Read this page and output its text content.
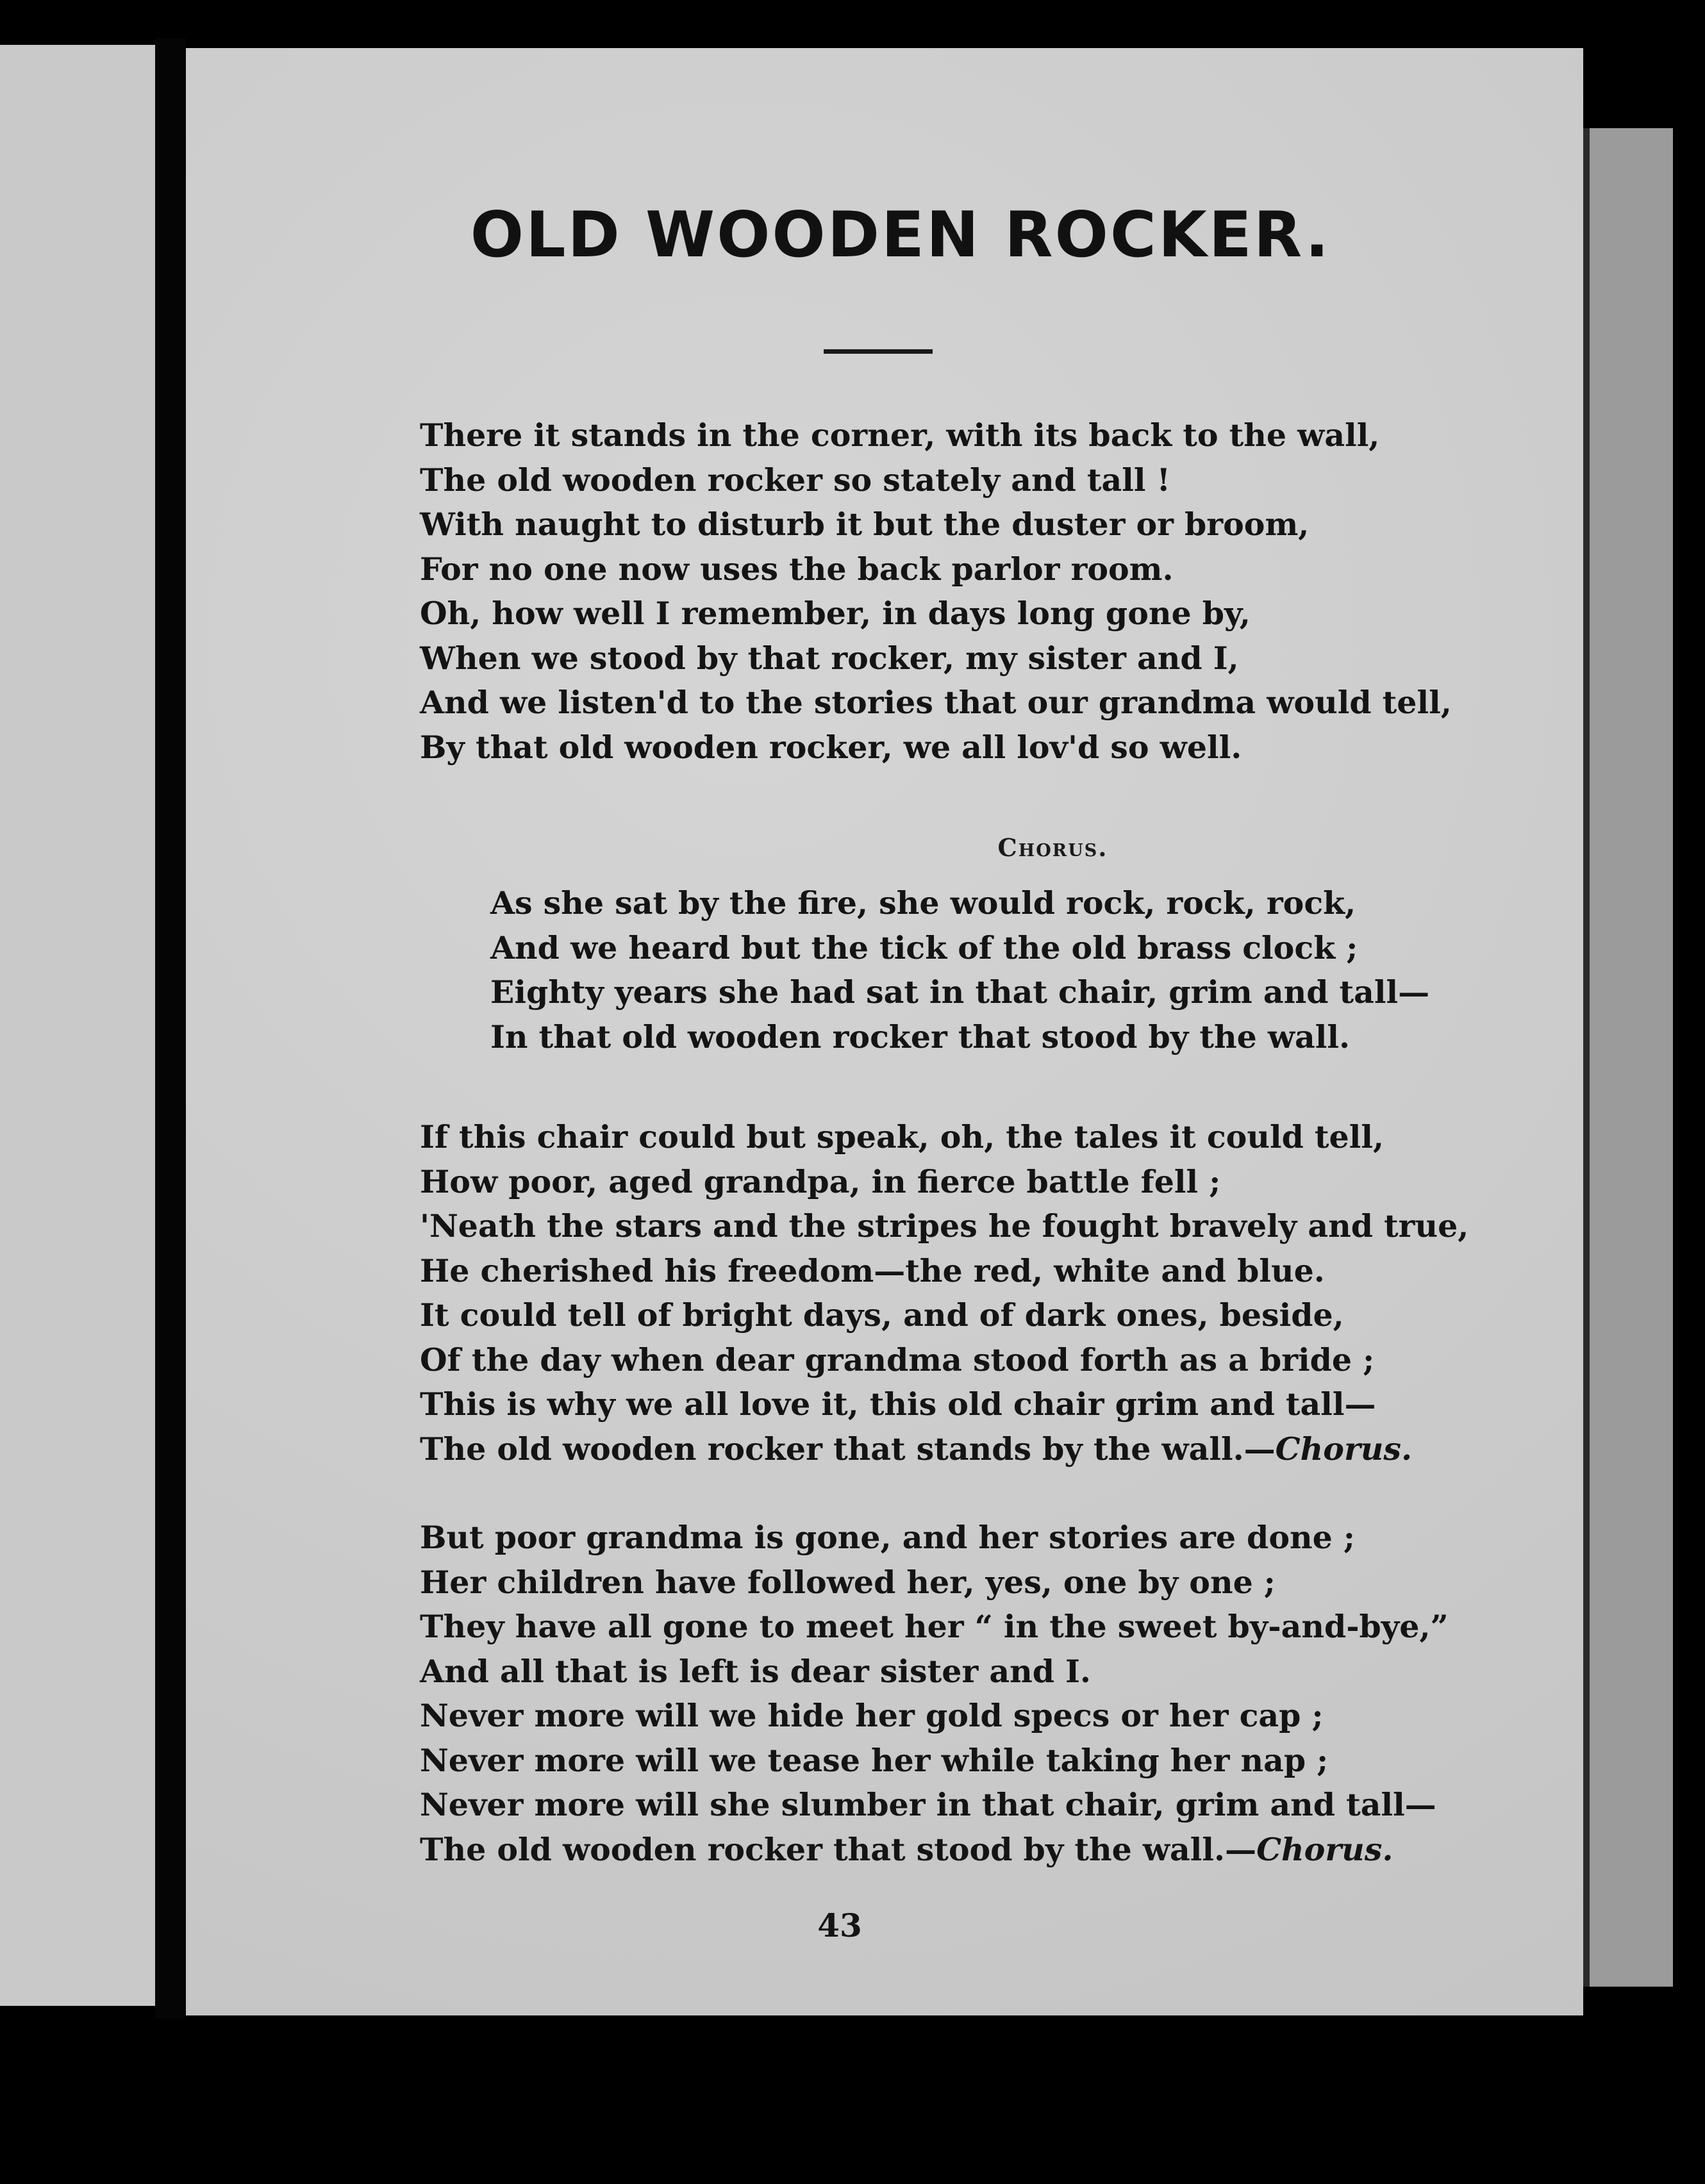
OLD WOODEN ROCKER.
There it stands in the corner, with its back to the wall,
The old wooden rocker so stately and tall !
With naught to disturb it but the duster or broom,
For no one now uses the back parlor room.
Oh, how well I remember, in days long gone by,
When we stood by that rocker, my sister and I,
And we listen'd to the stories that our grandma would tell,
By that old wooden rocker, we all lov'd so well.
Chorus.
As she sat by the fire, she would rock, rock, rock,
And we heard but the tick of the old brass clock ;
Eighty years she had sat in that chair, grim and tall—
In that old wooden rocker that stood by the wall.
If this chair could but speak, oh, the tales it could tell,
How poor, aged grandpa, in fierce battle fell ;
'Neath the stars and the stripes he fought bravely and true,
He cherished his freedom—the red, white and blue.
It could tell of bright days, and of dark ones, beside,
Of the day when dear grandma stood forth as a bride ;
This is why we all love it, this old chair grim and tall—
The old wooden rocker that stands by the wall.—Chorus.
But poor grandma is gone, and her stories are done ;
Her children have followed her, yes, one by one ;
They have all gone to meet her “ in the sweet by-and-bye,”
And all that is left is dear sister and I.
Never more will we hide her gold specs or her cap ;
Never more will we tease her while taking her nap ;
Never more will she slumber in that chair, grim and tall—
The old wooden rocker that stood by the wall.—Chorus.
43
